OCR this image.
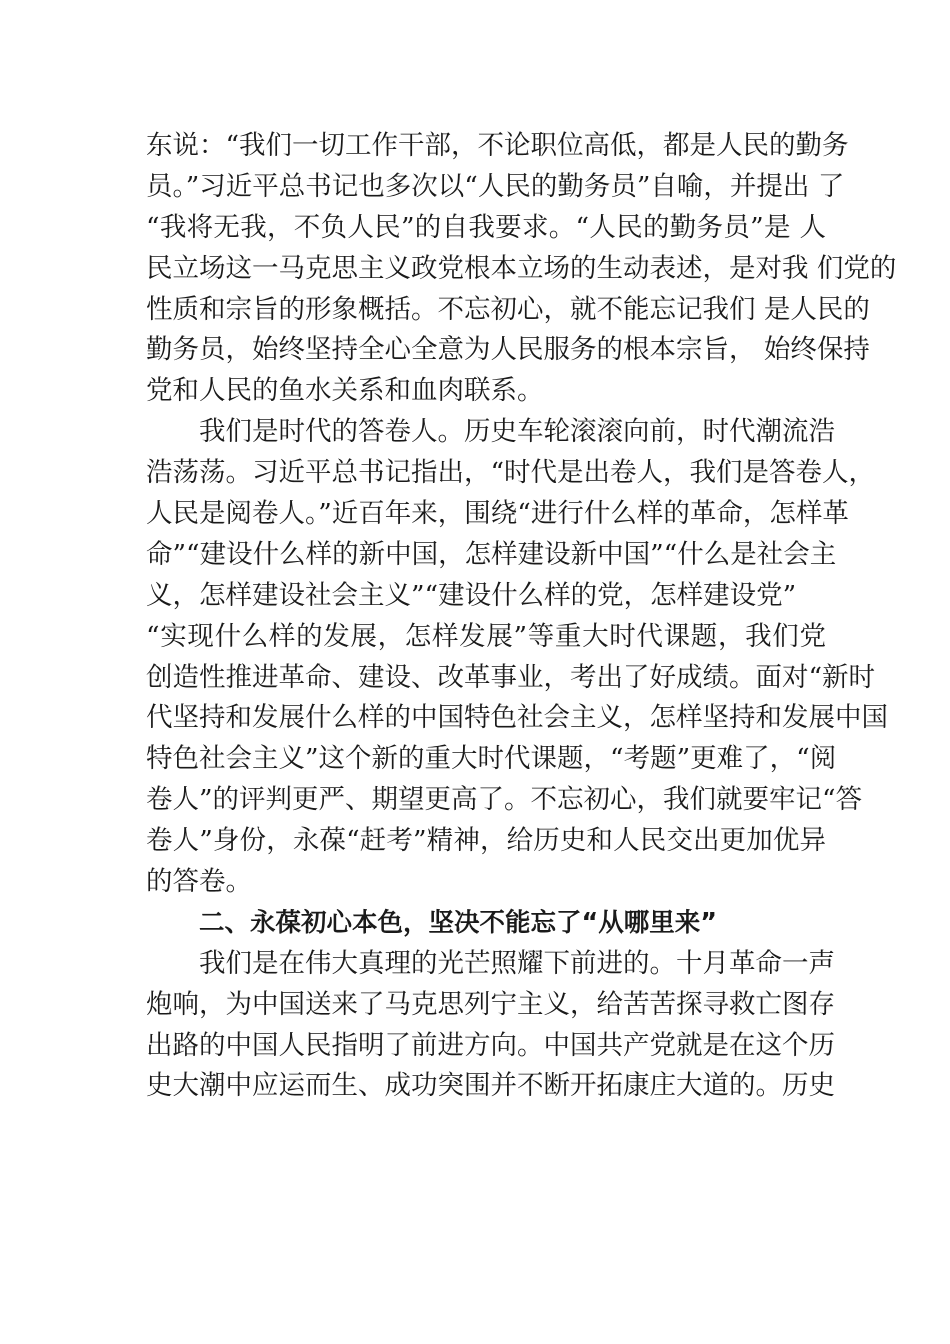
东说：“我们一切工作干部，不论职位高低，都是人民的勤务
员。”习近平总书记也多次以“人民的勤务员”自喻，并提出 了
“我将无我，不负人民”的自我要求。“人民的勤务员”是 人
民立场这一马克思主义政党根本立场的生动表述，是对我 们党的
性质和宗旨的形象概括。不忘初心，就不能忘记我们 是人民的
勤务员，始终坚持全心全意为人民服务的根本宗旨， 始终保持
党和人民的鱼水关系和血肉联系。
我们是时代的答卷人。历史车轮滚滚向前，时代潮流浩
浩荡荡。习近平总书记指出，“时代是出卷人，我们是答卷人，
人民是阅卷人。”近百年来，围绕“进行什么样的革命，怎样革
命”“建设什么样的新中国，怎样建设新中国”“什么是社会主
义，怎样建设社会主义”“建设什么样的党，怎样建设党”
“实现什么样的发展，怎样发展”等重大时代课题，我们党
创造性推进革命、建设、改革事业，考出了好成绩。面对“新时
代坚持和发展什么样的中国特色社会主义，怎样坚持和发展中国
特色社会主义”这个新的重大时代课题，“考题”更难了，“阅
卷人”的评判更严、期望更高了。不忘初心，我们就要牢记“答
卷人”身份，永葆“赶考”精神，给历史和人民交出更加优异
的答卷。
二、永葆初心本色，坚决不能忘了“从哪里来”
我们是在伟大真理的光芒照耀下前进的。十月革命一声
炮响，为中国送来了马克思列宁主义，给苦苦探寻救亡图存
出路的中国人民指明了前进方向。中国共产党就是在这个历
史大潮中应运而生、成功突围并不断开拓康庄大道的。历史
